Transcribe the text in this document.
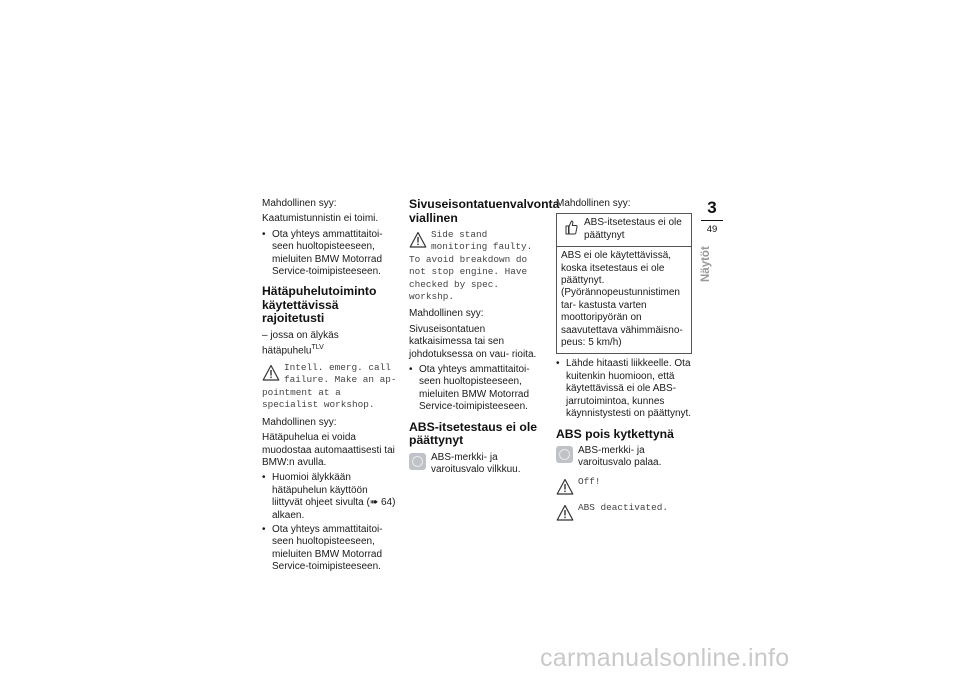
Mahdollinen syy:

Kaatumistunnistin ei toimi.

• Ota yhteys ammattitaitoi- seen huoltopisteeseen, mieluiten BMW Motorrad Service-toimipisteeseen.
Hätäpuhelutoiminto käytettävissä rajoitetusti

– jossa on älykäs hätäpuhelu$^{TLV}$

Intell. emerg. call failure. Make an ap- pointment at a specialist workshop.

Mahdollinen syy:

Hätäpuhelua ei voida muodostaa automaattisesti tai BMW:n avulla.

• Huomioi älykkään hätäpuhelun käyttöön liittyvät ohjeet sivulta (➠ 64) alkaen.
• Ota yhteys ammattitaitoi- seen huoltopisteeseen, mieluiten BMW Motorrad Service-toimipisteeseen.
Sivuseisontatuenvalvonta viallinen
Side stand monitoring faulty. To avoid breakdown do not stop engine. Have checked by spec. workshp.

Mahdollinen syy:

Sivuseisontatuen katkaisimessa tai sen johdotuksessa on vau- rioita.

• Ota yhteys ammattitaitoi- seen huoltopisteeseen, mieluiten BMW Motorrad Service-toimipisteeseen.
ABS-itsetestaus ei ole päättynyt
ABS-merkki- ja varoitusvalo vilkkuu.

Mahdollinen syy:

ABS-itsetestaus ei ole päättynyt
ABS ei ole käytettävissä, koska itsetestaus ei ole päättynyt. (Pyörännopeustunnistimen tar- kastusta varten moottoripyörän on saavutettava vähimmäisno- peus: 5 km/h)
• Lähde hitaasti liikkeelle. Ota kuitenkin huomioon, että käytettävissä ei ole ABS-jarrutoimintoa, kunnes käynnistystesti on päättynyt.
ABS pois kytkettynä
ABS-merkki- ja varoitusvalo palaa.
Off!
ABS deactivated.
3
49
Näytöt
carmanualsonline.info
